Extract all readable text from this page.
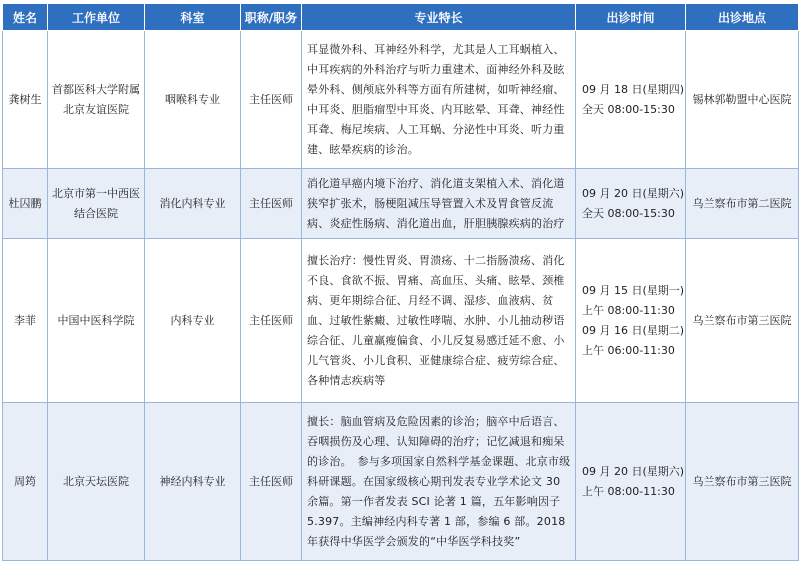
姓名	工作单位	科室	职称/职务	专业特长	出诊时间	出诊地点
龚树生	首都医科大学附属北京友谊医院	咽喉科专业	主任医师	耳显微外科、耳神经外科学，尤其是人工耳蜗植入、中耳疾病的外科治疗与听力重建术、面神经外科及眩晕外科、侧颅底外科等方面有所建树，如听神经瘤、中耳炎、胆脂瘤型中耳炎、内耳眩晕、耳聋、神经性耳聋、梅尼埃病、人工耳蜗、分泌性中耳炎、听力重建、眩晕疾病的诊治。	09 月 18 日(星期四)
全天 08:00-15:30	锡林郭勒盟中心医院
杜囚鹏	北京市第一中西医结合医院	消化内科专业	主任医师	消化道早癌内境下治疗、消化道支架植入术、消化道狭窄扩张术，肠梗阻减压导管置入术及胃食管反流病、炎症性肠病、消化道出血，肝胆胰腺疾病的治疗	09 月 20 日(星期六)
全天 08:00-15:30	乌兰察布市第二医院
李菲	中国中医科学院	内科专业	主任医师	擅长治疗：慢性胃炎、胃溃疡、十二指肠溃疡、消化不良、食欲不振、胃痛、高血压、头痛、眩晕、颈椎病、更年期综合征、月经不调、湿疹、血液病、贫血、过敏性紫癜、过敏性哮喘、水肿、小儿抽动秽语综合征、儿童羸瘦偏食、小儿反复易感迁延不愈、小儿气管炎、小儿食积、亚健康综合症、疲劳综合症、各种情志疾病等	09 月 15 日(星期一)
上午 08:00-11:30
09 月 16 日(星期二)
上午 06:00-11:30	乌兰察布市第三医院
周筠	北京天坛医院	神经内科专业	主任医师	擅长：脑血管病及危险因素的诊治；脑卒中后语言、吞咽损伤及心理、认知障碍的治疗；记忆减退和痴呆的诊治。　参与多项国家自然科学基金课题、北京市级科研课题。在国家级核心期刊发表专业学术论文 30 余篇。第一作者发表 SCI 论著 1 篇，五年影响因子 5.397。主编神经内科专著 1 部，参编 6 部。2018 年获得中华医学会颁发的“中华医学科技奖”	09 月 20 日(星期六)
上午 08:00-11:30	乌兰察布市第三医院
